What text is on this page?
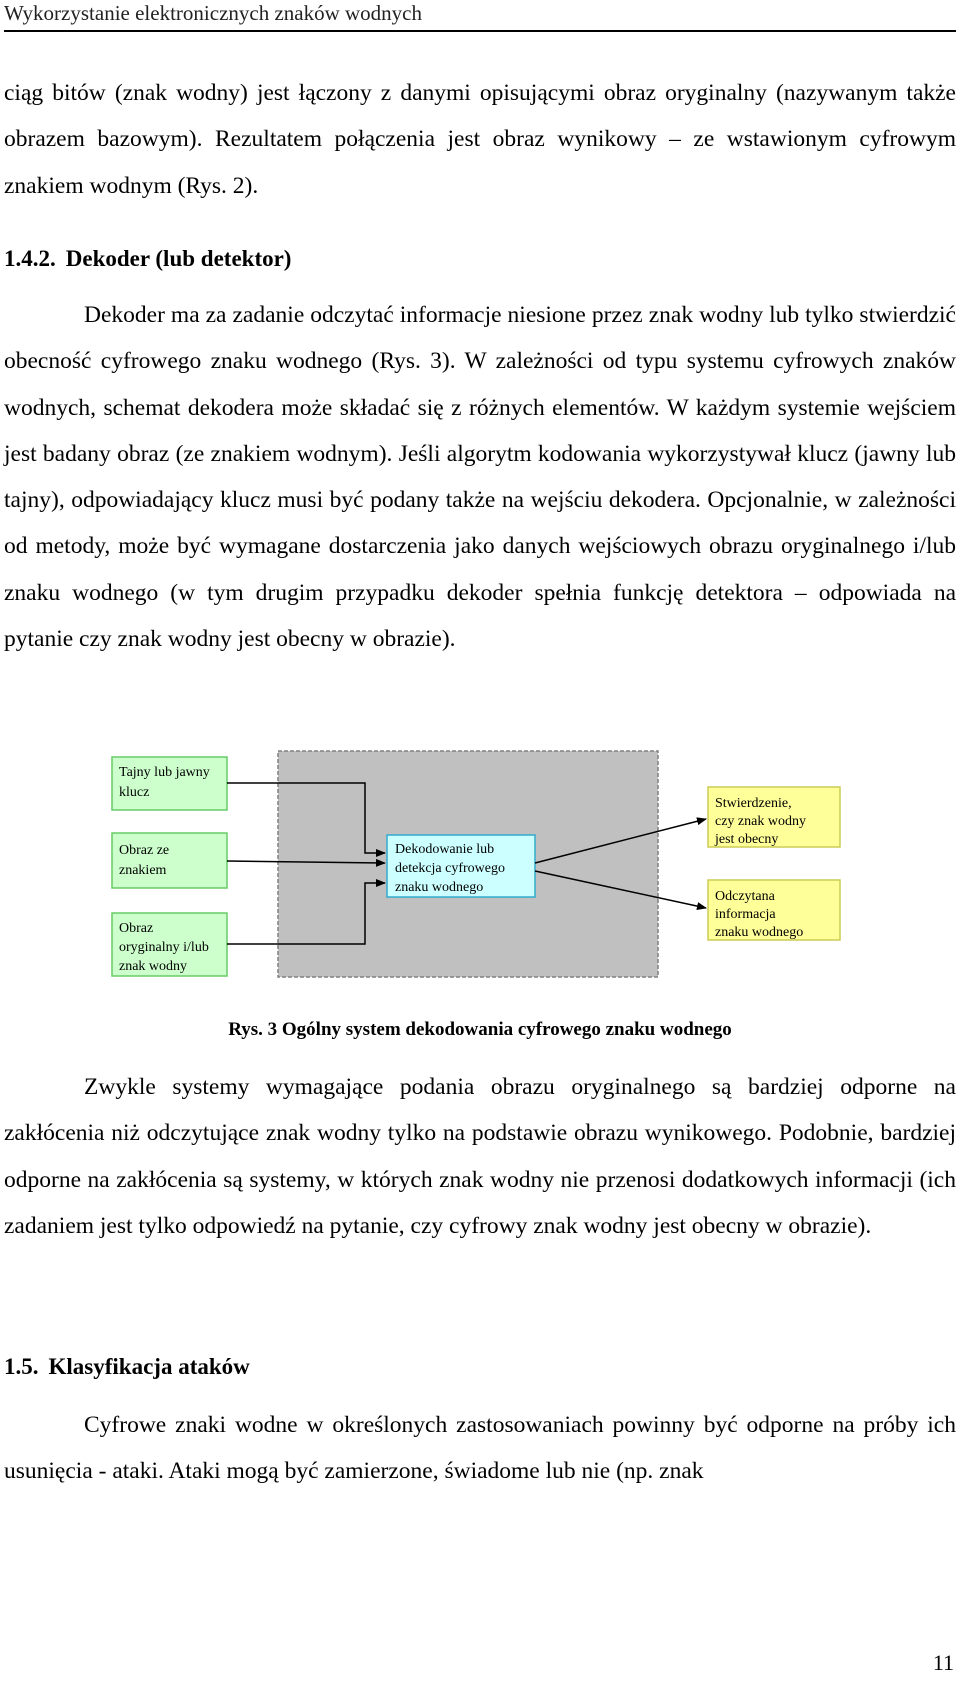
Wykorzystanie elektronicznych znaków wodnych

ciąg bitów (znak wodny) jest łączony z danymi opisującymi obraz oryginalny (nazywanym także obrazem bazowym). Rezultatem połączenia jest obraz wynikowy – ze wstawionym cyfrowym znakiem wodnym (Rys. 2).

1.4.2. Dekoder (lub detektor)

Dekoder ma za zadanie odczytać informacje niesione przez znak wodny lub tylko stwierdzić obecność cyfrowego znaku wodnego (Rys. 3). W zależności od typu systemu cyfrowych znaków wodnych, schemat dekodera może składać się z różnych elementów. W każdym systemie wejściem jest badany obraz (ze znakiem wodnym). Jeśli algorytm kodowania wykorzystywał klucz (jawny lub tajny), odpowiadający klucz musi być podany także na wejściu dekodera. Opcjonalnie, w zależności od metody, może być wymagane dostarczenia jako danych wejściowych obrazu oryginalnego i/lub znaku wodnego (w tym drugim przypadku dekoder spełnia funkcję detektora – odpowiada na pytanie czy znak wodny jest obecny w obrazie).

Tajny lub jawny
klucz
Obraz ze
znakiem
Obraz
oryginalny i/lub
znak wodny
Dekodowanie lub
detekcja cyfrowego
znaku wodnego
Stwierdzenie,
czy znak wodny
jest obecny
Odczytana
informacja
znaku wodnego
Rys. 3 Ogólny system dekodowania cyfrowego znaku wodnego

Zwykle systemy wymagające podania obrazu oryginalnego są bardziej odporne na zakłócenia niż odczytujące znak wodny tylko na podstawie obrazu wynikowego. Podobnie, bardziej odporne na zakłócenia są systemy, w których znak wodny nie przenosi dodatkowych informacji (ich zadaniem jest tylko odpowiedź na pytanie, czy cyfrowy znak wodny jest obecny w obrazie).

1.5. Klasyfikacja ataków

Cyfrowe znaki wodne w określonych zastosowaniach powinny być odporne na próby ich usunięcia - ataki. Ataki mogą być zamierzone, świadome lub nie (np. znak

11
